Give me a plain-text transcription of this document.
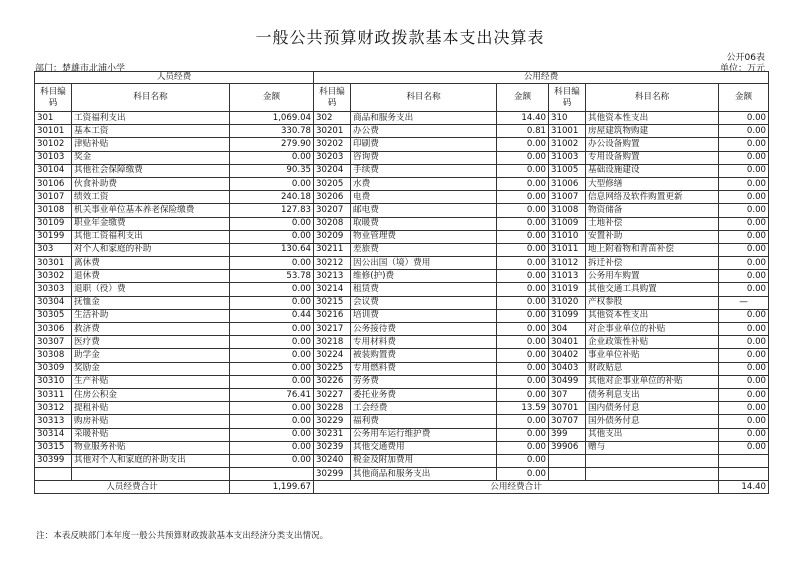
一般公共预算财政拨款基本支出决算表
公开06表
部门：楚雄市北浦小学	单位：万元
人员经费			公用经费					
科目编码	科目名称	金额	科目编码	科目名称	金额	科目编码	科目名称	金额
301	工资福利支出	1,069.04	302	商品和服务支出	14.40	310	其他资本性支出	0.00
30101	基本工资	330.78	30201	办公费	0.81	31001	房屋建筑物购建	0.00
30102	津贴补贴	279.90	30202	印刷费	0.00	31002	办公设备购置	0.00
30103	奖金	0.00	30203	咨询费	0.00	31003	专用设备购置	0.00
30104	其他社会保障缴费	90.35	30204	手续费	0.00	31005	基础设施建设	0.00
30106	伙食补助费	0.00	30205	水费	0.00	31006	大型修缮	0.00
30107	绩效工资	240.18	30206	电费	0.00	31007	信息网络及软件购置更新	0.00
30108	机关事业单位基本养老保险缴费	127.83	30207	邮电费	0.00	31008	物资储备	0.00
30109	职业年金缴费	0.00	30208	取暖费	0.00	31009	土地补偿	0.00
30199	其他工资福利支出	0.00	30209	物业管理费	0.00	31010	安置补助	0.00
303	对个人和家庭的补助	130.64	30211	差旅费	0.00	31011	地上附着物和青苗补偿	0.00
30301	离休费	0.00	30212	因公出国（境）费用	0.00	31012	拆迁补偿	0.00
30302	退休费	53.78	30213	维修(护)费	0.00	31013	公务用车购置	0.00
30303	退职（役）费	0.00	30214	租赁费	0.00	31019	其他交通工具购置	0.00
30304	抚恤金	0.00	30215	会议费	0.00	31020	产权参股	—
30305	生活补助	0.44	30216	培训费	0.00	31099	其他资本性支出	0.00
30306	救济费	0.00	30217	公务接待费	0.00	304	对企事业单位的补贴	0.00
30307	医疗费	0.00	30218	专用材料费	0.00	30401	企业政策性补贴	0.00
30308	助学金	0.00	30224	被装购置费	0.00	30402	事业单位补贴	0.00
30309	奖励金	0.00	30225	专用燃料费	0.00	30403	财政贴息	0.00
30310	生产补贴	0.00	30226	劳务费	0.00	30499	其他对企事业单位的补贴	0.00
30311	住房公积金	76.41	30227	委托业务费	0.00	307	债务利息支出	0.00
30312	提租补贴	0.00	30228	工会经费	13.59	30701	国内债务付息	0.00
30313	购房补贴	0.00	30229	福利费	0.00	30707	国外债务付息	0.00
30314	采暖补贴	0.00	30231	公务用车运行维护费	0.00	399	其他支出	0.00
30315	物业服务补贴	0.00	30239	其他交通费用	0.00	39906	赠与	0.00
30399	其他对个人和家庭的补助支出	0.00	30240	税金及附加费用	0.00			
			30299	其他商品和服务支出	0.00			
人员经费合计		1,199.67	公用经费合计					14.40
注：本表反映部门本年度一般公共预算财政拨款基本支出经济分类支出情况。
